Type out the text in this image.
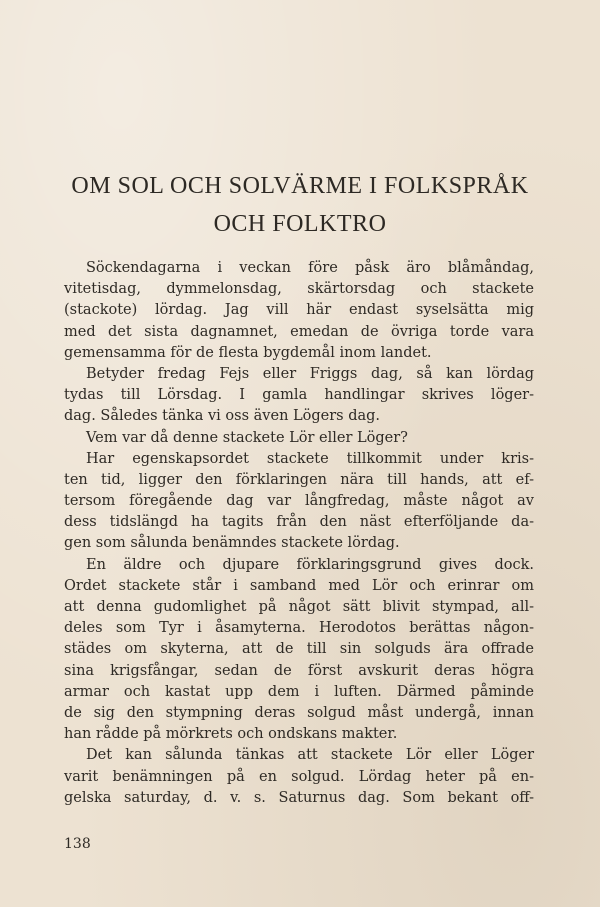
OM SOL OCH SOLVÄRME I FOLKSPRÅK
OCH FOLKTRO
Söckendagarna i veckan före påsk äro blåmåndag,
vitetisdag, dymmelonsdag, skärtorsdag och stackete
(stackote) lördag. Jag vill här endast syselsätta mig
med det sista dagnamnet, emedan de övriga torde vara
gemensamma för de flesta bygdemål inom landet.
Betyder fredag Fejs eller Friggs dag, så kan lördag
tydas till Lörsdag. I gamla handlingar skrives löger-
dag. Således tänka vi oss även Lögers dag.
Vem var då denne stackete Lör eller Löger?
Har egenskapsordet stackete tillkommit under kris-
ten tid, ligger den förklaringen nära till hands, att ef-
tersom föregående dag var långfredag, måste något av
dess tidslängd ha tagits från den näst efterföljande da-
gen som sålunda benämndes stackete lördag.
En äldre och djupare förklaringsgrund gives dock.
Ordet stackete står i samband med Lör och erinrar om
att denna gudomlighet på något sätt blivit stympad, all-
deles som Tyr i åsamyterna. Herodotos berättas någon-
städes om skyterna, att de till sin solguds ära offrade
sina krigsfångar, sedan de först avskurit deras högra
armar och kastat upp dem i luften. Därmed påminde
de sig den stympning deras solgud måst undergå, innan
han rådde på mörkrets och ondskans makter.
Det kan sålunda tänkas att stackete Lör eller Löger
varit benämningen på en solgud. Lördag heter på en-
gelska saturday, d. v. s. Saturnus dag. Som bekant off-
138
